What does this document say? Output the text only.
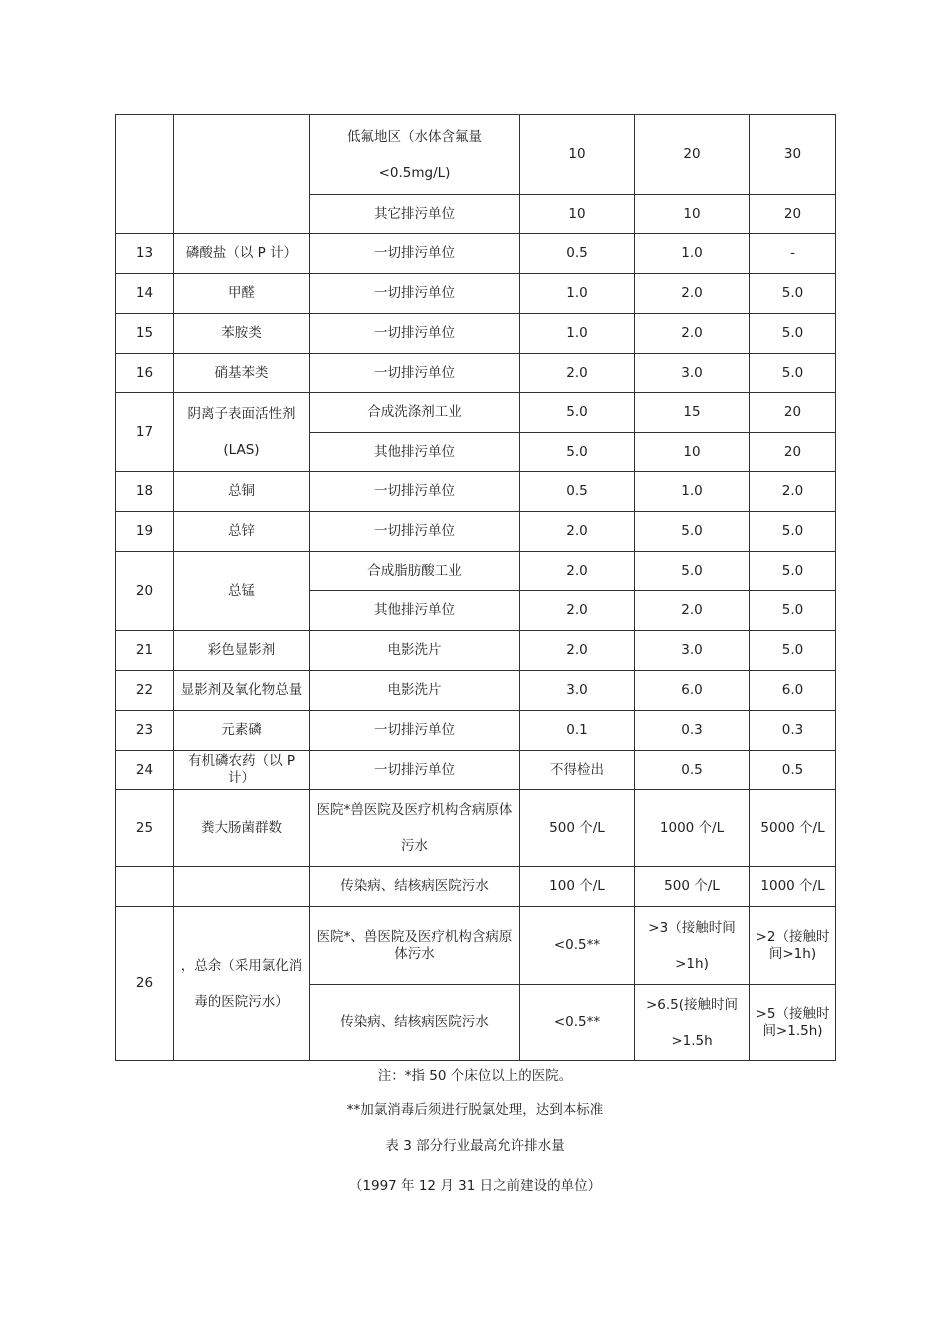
		低氟地区（水体含氟量<0.5mg/L)	10	20	30
		其它排污单位	10	10	20
13	磷酸盐（以 P 计）	一切排污单位	0.5	1.0	-
14	甲醛	一切排污单位	1.0	2.0	5.0
15	苯胺类	一切排污单位	1.0	2.0	5.0
16	硝基苯类	一切排污单位	2.0	3.0	5.0
17	阴离子表面活性剂(LAS)	合成洗涤剂工业	5.0	15	20
		其他排污单位	5.0	10	20
18	总铜	一切排污单位	0.5	1.0	2.0
19	总锌	一切排污单位	2.0	5.0	5.0
20	总锰	合成脂肪酸工业	2.0	5.0	5.0
		其他排污单位	2.0	2.0	5.0
21	彩色显影剂	电影洗片	2.0	3.0	5.0
22	显影剂及氧化物总量	电影洗片	3.0	6.0	6.0
23	元素磷	一切排污单位	0.1	0.3	0.3
24	有机磷农药（以 P 计）	一切排污单位	不得检出	0.5	0.5
25	粪大肠菌群数	医院*兽医院及医疗机构含病原体污水	500 个/L	1000 个/L	5000 个/L
		传染病、结核病医院污水	100 个/L	500 个/L	1000 个/L
26	，总余（采用氯化消毒的医院污水）	医院*、兽医院及医疗机构含病原体污水	<0.5**	>3（接触时间>1h)	>2（接触时间>1h)
		传染病、结核病医院污水	<0.5**	>6.5(接触时间>1.5h	>5（接触时间>1.5h)
注：*指 50 个床位以上的医院。
**加氯消毒后须进行脱氯处理，达到本标准
表 3 部分行业最高允许排水量
（1997 年 12 月 31 日之前建设的单位）
